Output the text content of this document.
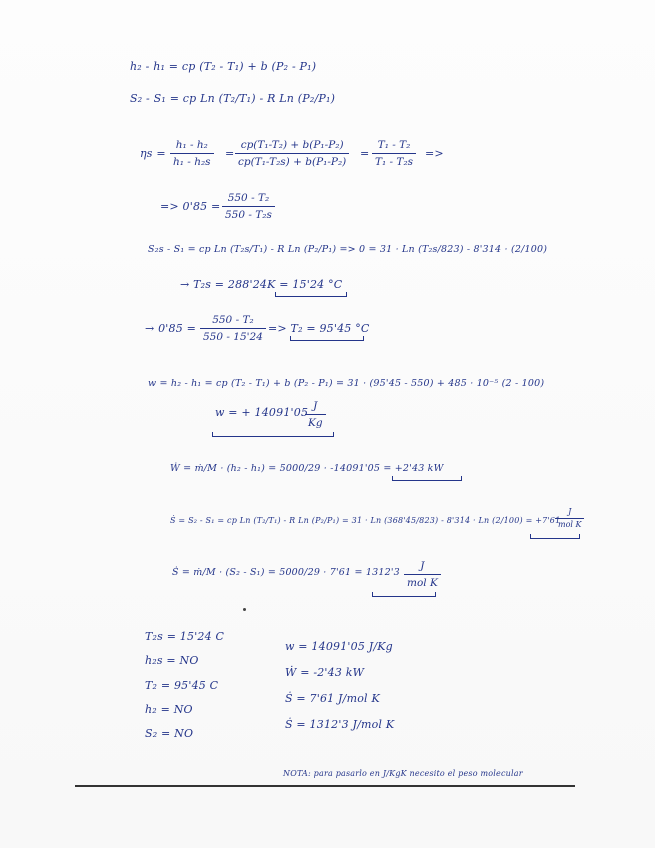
h₂ - h₁ = cp (T₂ - T₁) + b (P₂ - P₁)
S₂ - S₁ = cp Ln (T₂/T₁) - R Ln (P₂/P₁)
$\eta s = \frac{\text{h₁ - h₂}}{\text{h₁ - h₂s}} = \frac{\text{cp(T₁-T₂) + b(P₁-P₂)}}{\text{cp(T₁-T₂s) + b(P₁-P₂)}} = \frac{\text{T₁ - T₂}}{\text{T₁ - T₂s}}$ =>
=> $0'85 = \frac{\text{550 - T₂}}{\text{550 - T₂s}}$
S₂s - S₁ = cp Ln (T₂s/T₁) - R Ln (P₂/P₁) => 0 = 31 · Ln (T₂s/823) - 8'314 · (2/100)
→ T₂s = 288'24K = 15'24 °C
→ $0'85 = \frac{\text{550 - T₂}}{550 - 15'24} => T_2 = 95'45$ °C
w = h₂ - h₁ = cp (T₂ - T₁) + b (P₂ - P₁) = 31 · (95'45 - 550) + 485 · 10⁻⁵ (2 - 100)
w = + 14091'05
$\frac{J}{Kg}$
Ẇ = ṁ/M · (h₂ - h₁) = 5000/29 · -14091'05 = +2'43 kW
Ṡ = S₂ - S₁ = cp Ln (T₂/T₁) - R Ln (P₂/P₁) = 31 · Ln (368'45/823) - 8'314 · Ln (2/100) = +7'61
J
mol K
Ṡ = ṁ/M · (S₂ - S₁) = 5000/29 · 7'61 = 1312'3
J
mol K
T₂s = 15'24 C
h₂s = NO
T₂ = 95'45 C
h₂ = NO
S₂ = NO
w = 14091'05 J/Kg
Ẇ = -2'43 kW
Ṡ = 7'61 J/mol K
Ṡ = 1312'3 J/mol K
NOTA: para pasarlo en J/KgK necesito el peso molecular
